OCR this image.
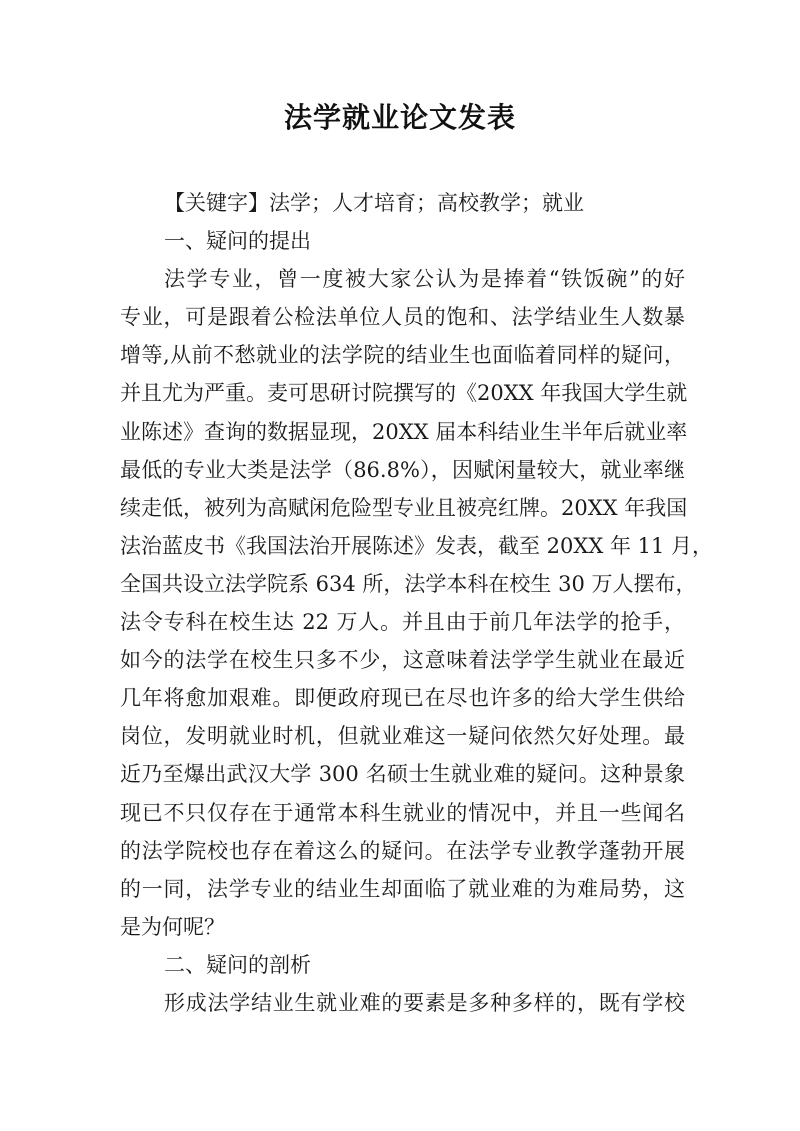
法学就业论文发表
【关键字】法学；人才培育；高校教学；就业
一、疑问的提出
法学专业，曾一度被大家公认为是捧着“铁饭碗”的好
专业，可是跟着公检法单位人员的饱和、法学结业生人数暴
增等,从前不愁就业的法学院的结业生也面临着同样的疑问，
并且尤为严重。麦可思研讨院撰写的《20XX 年我国大学生就
业陈述》查询的数据显现，20XX 届本科结业生半年后就业率
最低的专业大类是法学（86.8%），因赋闲量较大，就业率继
续走低，被列为高赋闲危险型专业且被亮红牌。20XX 年我国
法治蓝皮书《我国法治开展陈述》发表，截至 20XX 年 11 月，
全国共设立法学院系 634 所，法学本科在校生 30 万人摆布，
法令专科在校生达 22 万人。并且由于前几年法学的抢手，
如今的法学在校生只多不少，这意味着法学学生就业在最近
几年将愈加艰难。即便政府现已在尽也许多的给大学生供给
岗位，发明就业时机，但就业难这一疑问依然欠好处理。最
近乃至爆出武汉大学 300 名硕士生就业难的疑问。这种景象
现已不只仅存在于通常本科生就业的情况中，并且一些闻名
的法学院校也存在着这么的疑问。在法学专业教学蓬勃开展
的一同，法学专业的结业生却面临了就业难的为难局势，这
是为何呢？
二、疑问的剖析
形成法学结业生就业难的要素是多种多样的，既有学校
